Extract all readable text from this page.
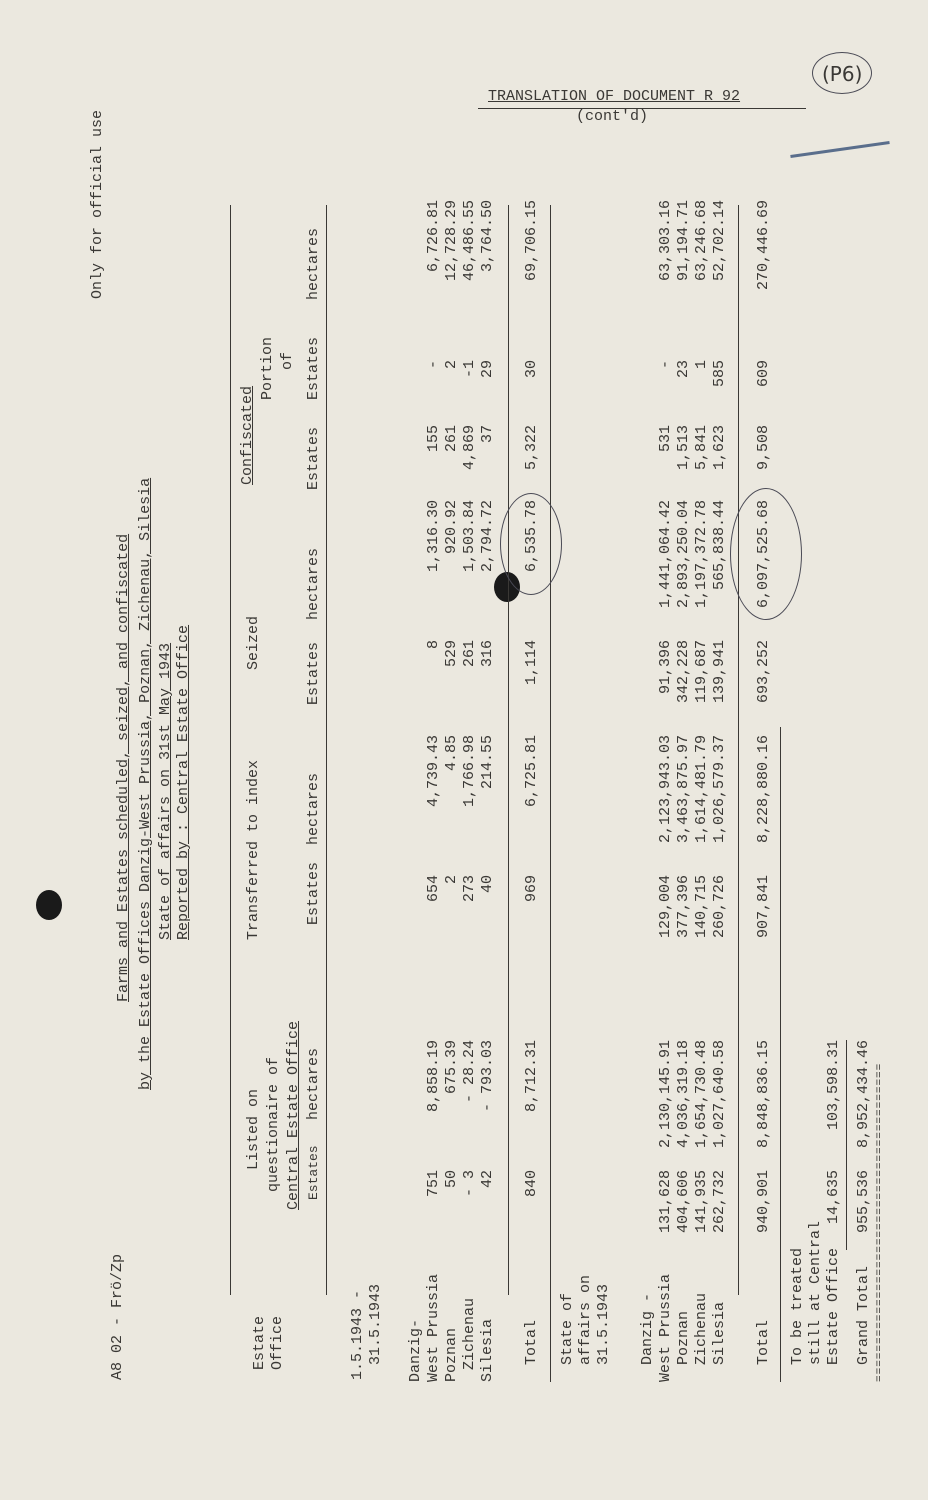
(P6)
TRANSLATION OF DOCUMENT R 92
(cont'd)
A8 02 - Frö/Zp
Only for official use
Farms and Estates scheduled, seized, and confiscated by the Estate Offices Danzig-West Prussia, Poznan, Zichenau, Silesia State of affairs on 31st May 1943 Reported by : Central Estate Office
Estate Office
Listed on questionaire of Central Estate Office Estates
hectares
Transferred to index	Estates
hectares
Seized	Estates
hectares
Confiscated
Portion of
Estates
Estates
hectares
1.5.1943 - 31.5.1943 Danzig- West Prussia Poznan Zichenau Silesia
751
8,858.19
654
4,739.43
8
1,316.30
155
-
6,726.81
50
675.39
2
4.85
529
920.92
261
2
12,728.29
- 3
- 28.24
273
1,766.98
261
1,503.84
4,869
-1
46,486.55
42
- 793.03
40
214.55
316
2,794.72
37
29
3,764.50
Total
840
8,712.31
969
6,725.81
1,114
6,535.78
5,322
30
69,706.15
State of affairs on 31.5.1943 Danzig - West Prussia Poznan Zichenau Silesia
131,628
2,130,145.91
129,004
2,123,943.03
91,396
1,441,064.42
531
-
63,303.16
404,606
4,036,319.18
377,396
3,463,875.97
342,228
2,893,250.04
1,513
23
91,194.71
141,935
1,654,730.48
140,715
1,614,481.79
119,687
1,197,372.78
5,841
1
63,246.68
262,732
1,027,640.58
260,726
1,026,579.37
139,941
565,838.44
1,623
585
52,702.14
Total
940,901
8,848,836.15
907,841
8,228,880.16
693,252
6,097,525.68
9,508
609
270,446.69
To be treated still at Central Estate Office
14,635
103,598.31
Grand Total
955,536
8,952,434.46 ==========================================
